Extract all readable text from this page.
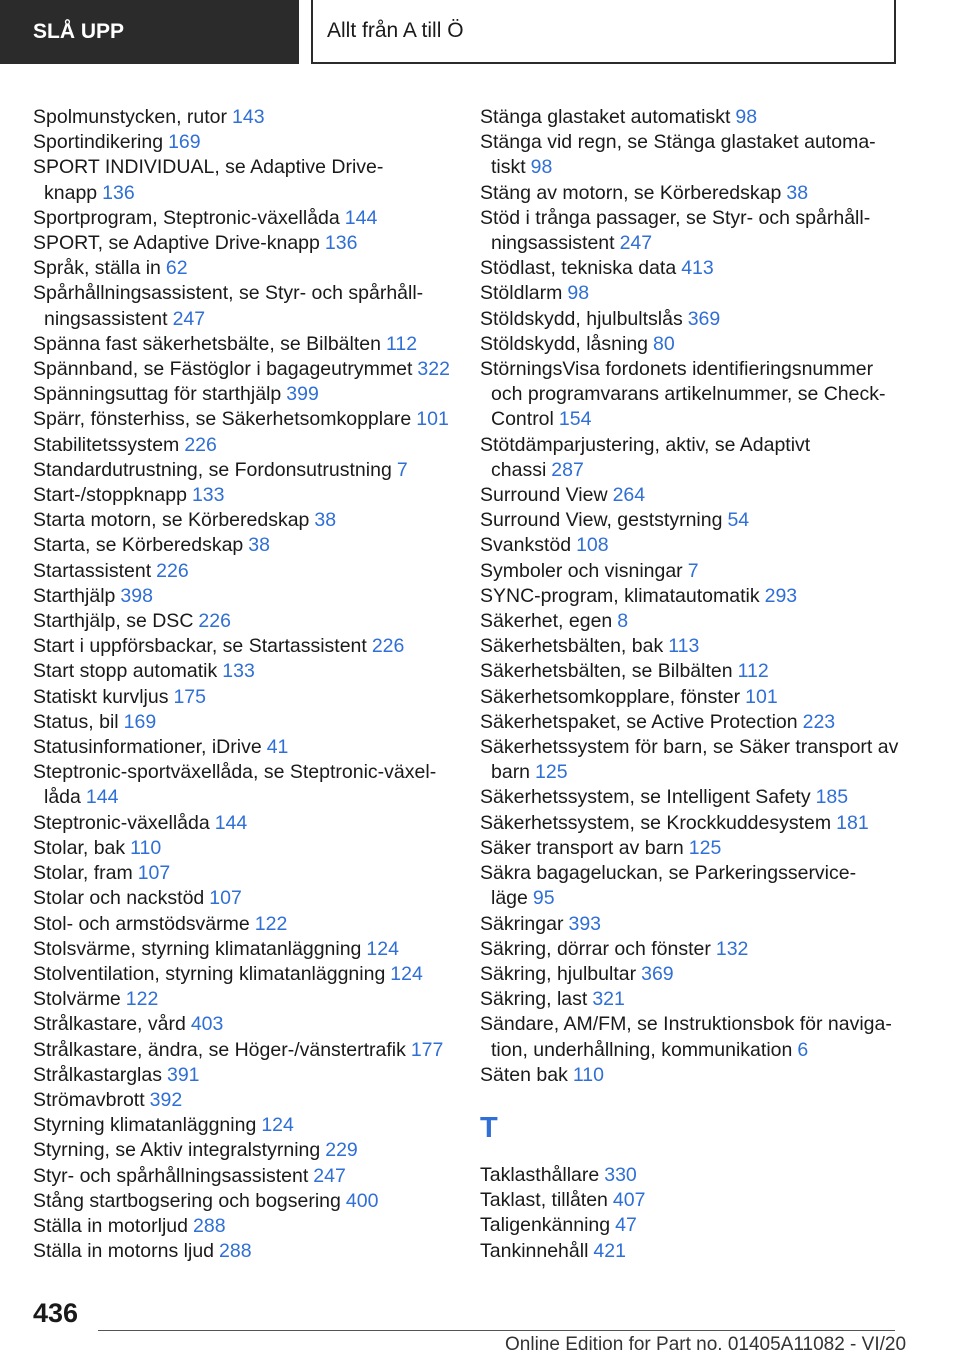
SLÅ UPP	Allt från A till Ö
Spolmunstycken, rutor 143
Sportindikering 169
SPORT INDIVIDUAL, se Adaptive Drive-knapp 136
Sportprogram, Steptronic-växellåda 144
SPORT, se Adaptive Drive-knapp 136
Språk, ställa in 62
Spårhållningsassistent, se Styr- och spårhåll-ningsassistent 247
Spänna fast säkerhetsbälte, se Bilbälten 112
Spännband, se Fästöglor i bagageutrymmet 322
Spänningsuttag för starthjälp 399
Spärr, fönsterhiss, se Säkerhetsomkopplare 101
Stabilitetssystem 226
Standardutrustning, se Fordonsutrustning 7
Start-/stoppknapp 133
Starta motorn, se Körberedskap 38
Starta, se Körberedskap 38
Startassistent 226
Starthjälp 398
Starthjälp, se DSC 226
Start i uppförsbackar, se Startassistent 226
Start stopp automatik 133
Statiskt kurvljus 175
Status, bil 169
Statusinformationer, iDrive 41
Steptronic-sportväxellåda, se Steptronic-växel-låda 144
Steptronic-växellåda 144
Stolar, bak 110
Stolar, fram 107
Stolar och nackstöd 107
Stol- och armstödsvärme 122
Stolsvärme, styrning klimatanläggning 124
Stolventilation, styrning klimatanläggning 124
Stolvärme 122
Strålkastare, vård 403
Strålkastare, ändra, se Höger-/vänstertrafik 177
Strålkastarglas 391
Strömavbrott 392
Styrning klimatanläggning 124
Styrning, se Aktiv integralstyrning 229
Styr- och spårhållningsassistent 247
Stång startbogsering och bogsering 400
Ställa in motorljud 288
Ställa in motorns ljud 288
Stänga glastaket automatiskt 98
Stänga vid regn, se Stänga glastaket automa-tiskt 98
Stäng av motorn, se Körberedskap 38
Stöd i trånga passager, se Styr- och spårhåll-ningsassistent 247
Stödlast, tekniska data 413
Stöldlarm 98
Stöldskydd, hjulbultslås 369
Stöldskydd, låsning 80
StörningsVisa fordonets identifieringsnummer och programvarans artikelnummer, se Check-Control 154
Stötdämparjustering, aktiv, se Adaptivt chassi 287
Surround View 264
Surround View, geststyrning 54
Svankstöd 108
Symboler och visningar 7
SYNC-program, klimatautomatik 293
Säkerhet, egen 8
Säkerhetsbälten, bak 113
Säkerhetsbälten, se Bilbälten 112
Säkerhetsomkopplare, fönster 101
Säkerhetspaket, se Active Protection 223
Säkerhetssystem för barn, se Säker transport av barn 125
Säkerhetssystem, se Intelligent Safety 185
Säkerhetssystem, se Krockkuddesystem 181
Säker transport av barn 125
Säkra bagageluckan, se Parkeringsservice-läge 95
Säkringar 393
Säkring, dörrar och fönster 132
Säkring, hjulbultar 369
Säkring, last 321
Sändare, AM/FM, se Instruktionsbok för naviga-tion, underhållning, kommunikation 6
Säten bak 110
T
Taklasthållare 330
Taklast, tillåten 407
Taligenkänning 47
Tankinnehåll 421
436
Online Edition for Part no. 01405A11082 - VI/20
